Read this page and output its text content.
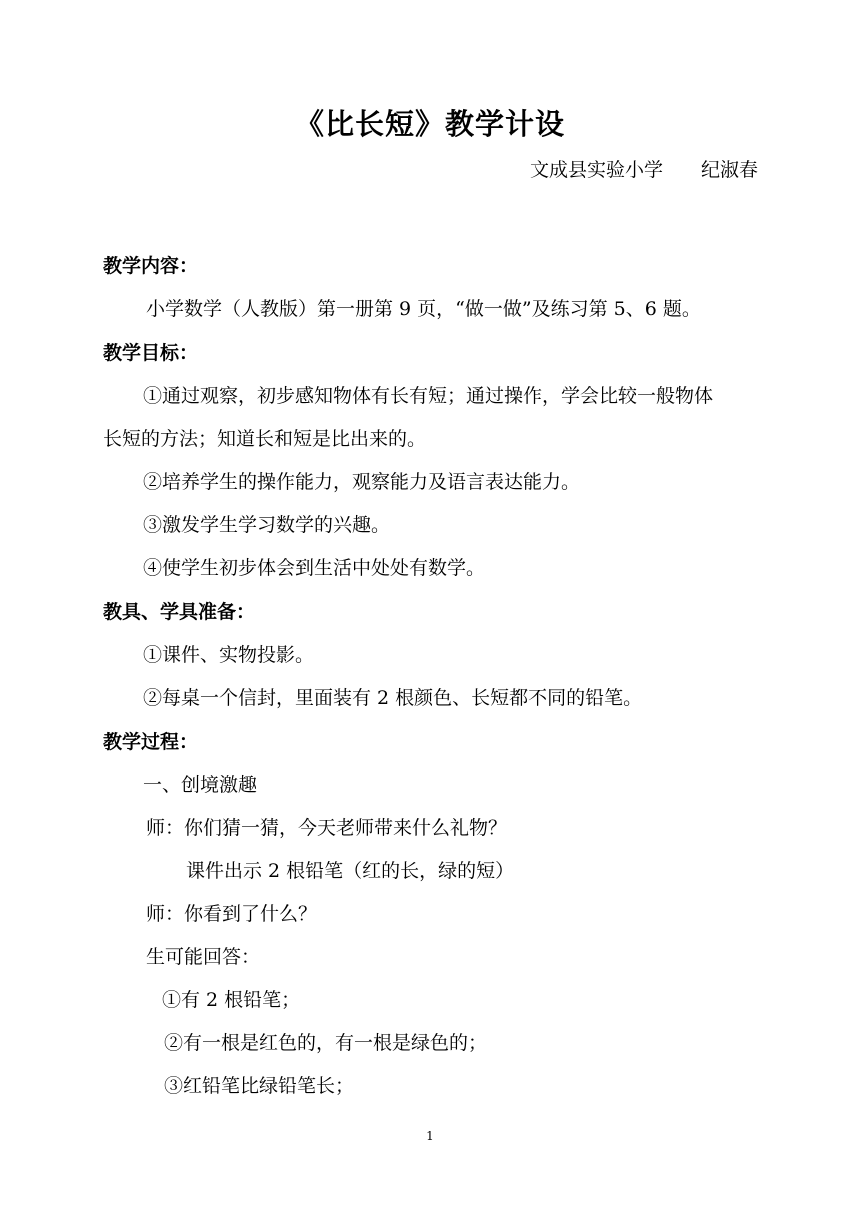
《比长短》教学计设
文成县实验小学　　纪淑春
教学内容：
小学数学（人教版）第一册第 9 页，“做一做”及练习第 5、6 题。
教学目标：
①通过观察，初步感知物体有长有短；通过操作，学会比较一般物体
长短的方法；知道长和短是比出来的。
②培养学生的操作能力，观察能力及语言表达能力。
③激发学生学习数学的兴趣。
④使学生初步体会到生活中处处有数学。
教具、学具准备：
①课件、实物投影。
②每桌一个信封，里面装有 2 根颜色、长短都不同的铅笔。
教学过程：
一、创境激趣
师：你们猜一猜，今天老师带来什么礼物？
课件出示 2 根铅笔（红的长，绿的短）
师：你看到了什么？
生可能回答：
①有 2 根铅笔；
②有一根是红色的，有一根是绿色的；
③红铅笔比绿铅笔长；
1
